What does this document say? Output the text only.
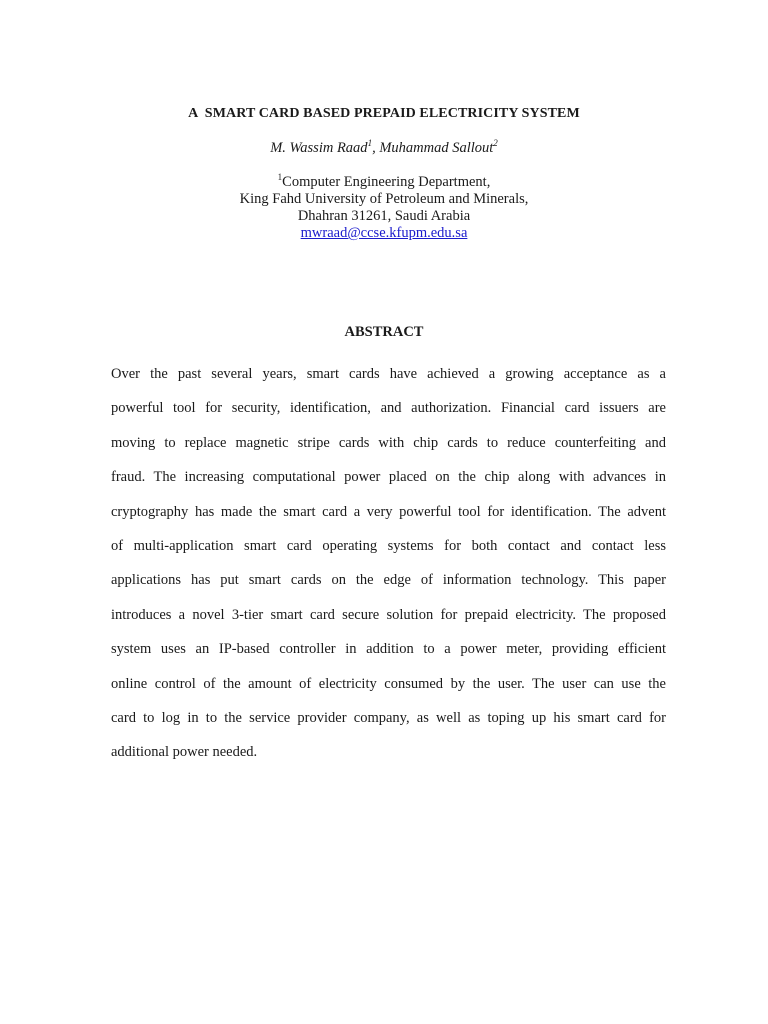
A  SMART CARD BASED PREPAID ELECTRICITY SYSTEM
M. Wassim Raad$^1$, Muhammad Sallout$^2$
$^1$Computer Engineering Department,
King Fahd University of Petroleum and Minerals,
Dhahran 31261, Saudi Arabia
mwraad@ccse.kfupm.edu.sa
ABSTRACT
Over the past several years, smart cards have achieved a growing acceptance as a
powerful tool for security, identification, and authorization. Financial card issuers are
moving to replace magnetic stripe cards with chip cards to reduce counterfeiting and
fraud. The increasing computational power placed on the chip along with advances in
cryptography has made the smart card a very powerful tool for identification. The advent
of multi-application smart card operating systems for both contact and contact less
applications has put smart cards on the edge of information technology. This paper
introduces a novel 3-tier smart card secure solution for prepaid electricity. The proposed
system uses an IP-based controller in addition to a power meter, providing efficient
online control of the amount of electricity consumed by the user. The user can use the
card to log in to the service provider company, as well as toping up his smart card for
additional power needed.
